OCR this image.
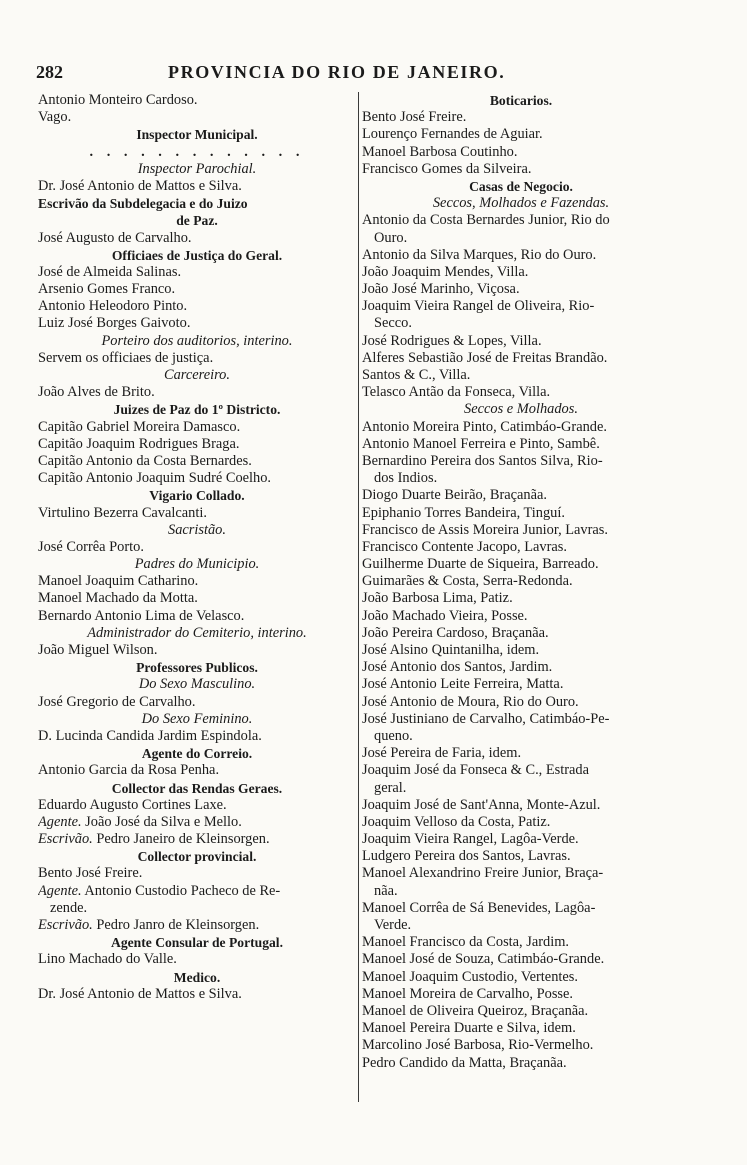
282	PROVINCIA DO RIO DE JANEIRO.
Antonio Monteiro Cardoso.
Vago.
Inspector Municipal.
. . . . . . . . . . . . .
Inspector Parochial.
Dr. José Antonio de Mattos e Silva.
Escrivão da Subdelegacia e do Juizo
de Paz.
José Augusto de Carvalho.
Officiaes de Justiça do Geral.
José de Almeida Salinas.
Arsenio Gomes Franco.
Antonio Heleodoro Pinto.
Luiz José Borges Gaivoto.
Porteiro dos auditorios, interino.
Servem os officiaes de justiça.
Carcereiro.
João Alves de Brito.
Juizes de Paz do 1º Districto.
Capitão Gabriel Moreira Damasco.
Capitão Joaquim Rodrigues Braga.
Capitão Antonio da Costa Bernardes.
Capitão Antonio Joaquim Sudré Coelho.
Vigario Collado.
Virtulino Bezerra Cavalcanti.
Sacristão.
José Corrêa Porto.
Padres do Municipio.
Manoel Joaquim Catharino.
Manoel Machado da Motta.
Bernardo Antonio Lima de Velasco.
Administrador do Cemiterio, interino.
João Miguel Wilson.
Professores Publicos.
Do Sexo Masculino.
José Gregorio de Carvalho.
Do Sexo Feminino.
D. Lucinda Candida Jardim Espindola.
Agente do Correio.
Antonio Garcia da Rosa Penha.
Collector das Rendas Geraes.
Eduardo Augusto Cortines Laxe.
Agente. João José da Silva e Mello.
Escrivão. Pedro Janeiro de Kleinsorgen.
Collector provincial.
Bento José Freire.
Agente. Antonio Custodio Pacheco de Re-
zende.
Escrivão. Pedro Janro de Kleinsorgen.
Agente Consular de Portugal.
Lino Machado do Valle.
Medico.
Dr. José Antonio de Mattos e Silva.
Boticarios.
Bento José Freire.
Lourenço Fernandes de Aguiar.
Manoel Barbosa Coutinho.
Francisco Gomes da Silveira.
Casas de Negocio.
Seccos, Molhados e Fazendas.
Antonio da Costa Bernardes Junior, Rio do
Ouro.
Antonio da Silva Marques, Rio do Ouro.
João Joaquim Mendes, Villa.
João José Marinho, Viçosa.
Joaquim Vieira Rangel de Oliveira, Rio-
Secco.
José Rodrigues & Lopes, Villa.
Alferes Sebastião José de Freitas Brandão.
Santos & C., Villa.
Telasco Antão da Fonseca, Villa.
Seccos e Molhados.
Antonio Moreira Pinto, Catimbáo-Grande.
Antonio Manoel Ferreira e Pinto, Sambê.
Bernardino Pereira dos Santos Silva, Rio-
dos Indios.
Diogo Duarte Beirão, Braçanãa.
Epiphanio Torres Bandeira, Tinguí.
Francisco de Assis Moreira Junior, Lavras.
Francisco Contente Jacopo, Lavras.
Guilherme Duarte de Siqueira, Barreado.
Guimarães & Costa, Serra-Redonda.
João Barbosa Lima, Patiz.
João Machado Vieira, Posse.
João Pereira Cardoso, Braçanãa.
José Alsino Quintanilha, idem.
José Antonio dos Santos, Jardim.
José Antonio Leite Ferreira, Matta.
José Antonio de Moura, Rio do Ouro.
José Justiniano de Carvalho, Catimbáo-Pe-
queno.
José Pereira de Faria, idem.
Joaquim José da Fonseca & C., Estrada
geral.
Joaquim José de Sant'Anna, Monte-Azul.
Joaquim Velloso da Costa, Patiz.
Joaquim Vieira Rangel, Lagôa-Verde.
Ludgero Pereira dos Santos, Lavras.
Manoel Alexandrino Freire Junior, Braça-
nãa.
Manoel Corrêa de Sá Benevides, Lagôa-
Verde.
Manoel Francisco da Costa, Jardim.
Manoel José de Souza, Catimbáo-Grande.
Manoel Joaquim Custodio, Vertentes.
Manoel Moreira de Carvalho, Posse.
Manoel de Oliveira Queiroz, Braçanãa.
Manoel Pereira Duarte e Silva, idem.
Marcolino José Barbosa, Rio-Vermelho.
Pedro Candido da Matta, Braçanãa.
